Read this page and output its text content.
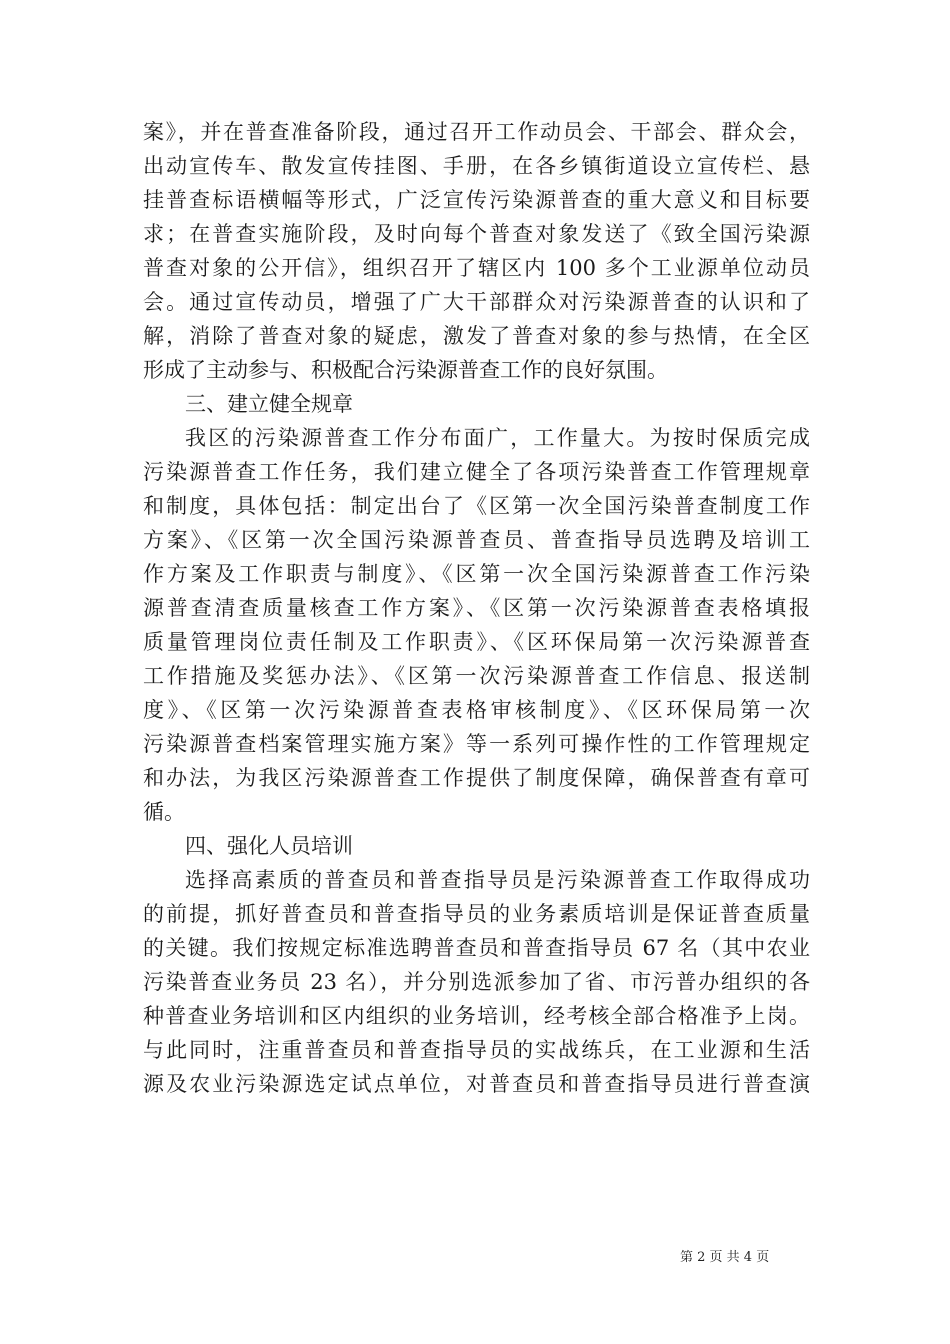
案》，并在普查准备阶段，通过召开工作动员会、干部会、群众会，
出动宣传车、散发宣传挂图、手册，在各乡镇街道设立宣传栏、悬
挂普查标语横幅等形式，广泛宣传污染源普查的重大意义和目标要
求；在普查实施阶段，及时向每个普查对象发送了《致全国污染源
普查对象的公开信》，组织召开了辖区内 100 多个工业源单位动员
会。通过宣传动员，增强了广大干部群众对污染源普查的认识和了
解，消除了普查对象的疑虑，激发了普查对象的参与热情，在全区
形成了主动参与、积极配合污染源普查工作的良好氛围。
三、建立健全规章
我区的污染源普查工作分布面广，工作量大。为按时保质完成
污染源普查工作任务，我们建立健全了各项污染普查工作管理规章
和制度，具体包括：制定出台了《区第一次全国污染普查制度工作
方案》、《区第一次全国污染源普查员、普查指导员选聘及培训工
作方案及工作职责与制度》、《区第一次全国污染源普查工作污染
源普查清查质量核查工作方案》、《区第一次污染源普查表格填报
质量管理岗位责任制及工作职责》、《区环保局第一次污染源普查
工作措施及奖惩办法》、《区第一次污染源普查工作信息、报送制
度》、《区第一次污染源普查表格审核制度》、《区环保局第一次
污染源普查档案管理实施方案》等一系列可操作性的工作管理规定
和办法，为我区污染源普查工作提供了制度保障，确保普查有章可
循。
四、强化人员培训
选择高素质的普查员和普查指导员是污染源普查工作取得成功
的前提，抓好普查员和普查指导员的业务素质培训是保证普查质量
的关键。我们按规定标准选聘普查员和普查指导员 67 名（其中农业
污染普查业务员 23 名），并分别选派参加了省、市污普办组织的各
种普查业务培训和区内组织的业务培训，经考核全部合格准予上岗。
与此同时，注重普查员和普查指导员的实战练兵，在工业源和生活
源及农业污染源选定试点单位，对普查员和普查指导员进行普查演
第 2 页 共 4 页
